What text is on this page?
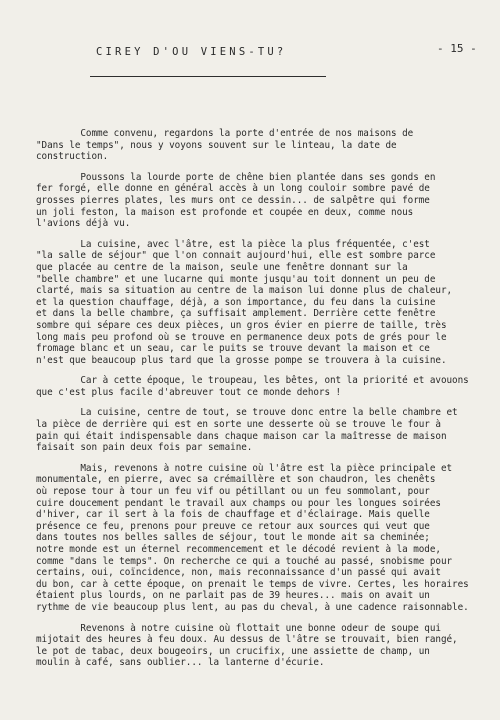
CIREY D'OU VIENS-TU?	- 15 -
Comme convenu, regardons la porte d'entrée de nos maisons de
"Dans le temps", nous y voyons souvent sur le linteau, la date de
construction.
Poussons la lourde porte de chêne bien plantée dans ses gonds en
fer forgé, elle donne en général accès à un long couloir sombre pavé de
grosses pierres plates, les murs ont ce dessin... de salpêtre qui forme
un joli feston, la maison est profonde et coupée en deux, comme nous
l'avions déjà vu.
La cuisine, avec l'âtre, est la pièce la plus fréquentée, c'est
"la salle de séjour" que l'on connait aujourd'hui, elle est sombre parce
que placée au centre de la maison, seule une fenêtre donnant sur la
"belle chambre" et une lucarne qui monte jusqu'au toit donnent un peu de
clarté, mais sa situation au centre de la maison lui donne plus de chaleur,
et la question chauffage, déjà, a son importance, du feu dans la cuisine
et dans la belle chambre, ça suffisait amplement. Derrière cette fenêtre
sombre qui sépare ces deux pièces, un gros évier en pierre de taille, très
long mais peu profond où se trouve en permanence deux pots de grés pour le
fromage blanc et un seau, car le puits se trouve devant la maison et ce
n'est que beaucoup plus tard que la grosse pompe se trouvera à la cuisine.
Car à cette époque, le troupeau, les bêtes, ont la priorité et avouons
que c'est plus facile d'abreuver tout ce monde dehors !
La cuisine, centre de tout, se trouve donc entre la belle chambre et
la pièce de derrière qui est en sorte une desserte où se trouve le four à
pain qui était indispensable dans chaque maison car la maîtresse de maison
faisait son pain deux fois par semaine.
Mais, revenons à notre cuisine où l'âtre est la pièce principale et
monumentale, en pierre, avec sa crémaillère et son chaudron, les chenêts
où repose tour à tour un feu vif ou pétillant ou un feu sommolant, pour
cuire doucement pendant le travail aux champs ou pour les longues soirées
d'hiver, car il sert à la fois de chauffage et d'éclairage. Mais quelle
présence ce feu, prenons pour preuve ce retour aux sources qui veut que
dans toutes nos belles salles de séjour, tout le monde ait sa cheminée;
notre monde est un éternel recommencement et le décodé revient à la mode,
comme "dans le temps". On recherche ce qui a touché au passé, snobisme pour
certains, oui, coïncidence, non, mais reconnaissance d'un passé qui avait
du bon, car à cette époque, on prenait le temps de vivre. Certes, les horaires
étaient plus lourds, on ne parlait pas de 39 heures... mais on avait un
rythme de vie beaucoup plus lent, au pas du cheval, à une cadence raisonnable.
Revenons à notre cuisine où flottait une bonne odeur de soupe qui
mijotait des heures à feu doux. Au dessus de l'âtre se trouvait, bien rangé,
le pot de tabac, deux bougeoirs, un crucifix, une assiette de champ, un
moulin à café, sans oublier... la lanterne d'écurie.
